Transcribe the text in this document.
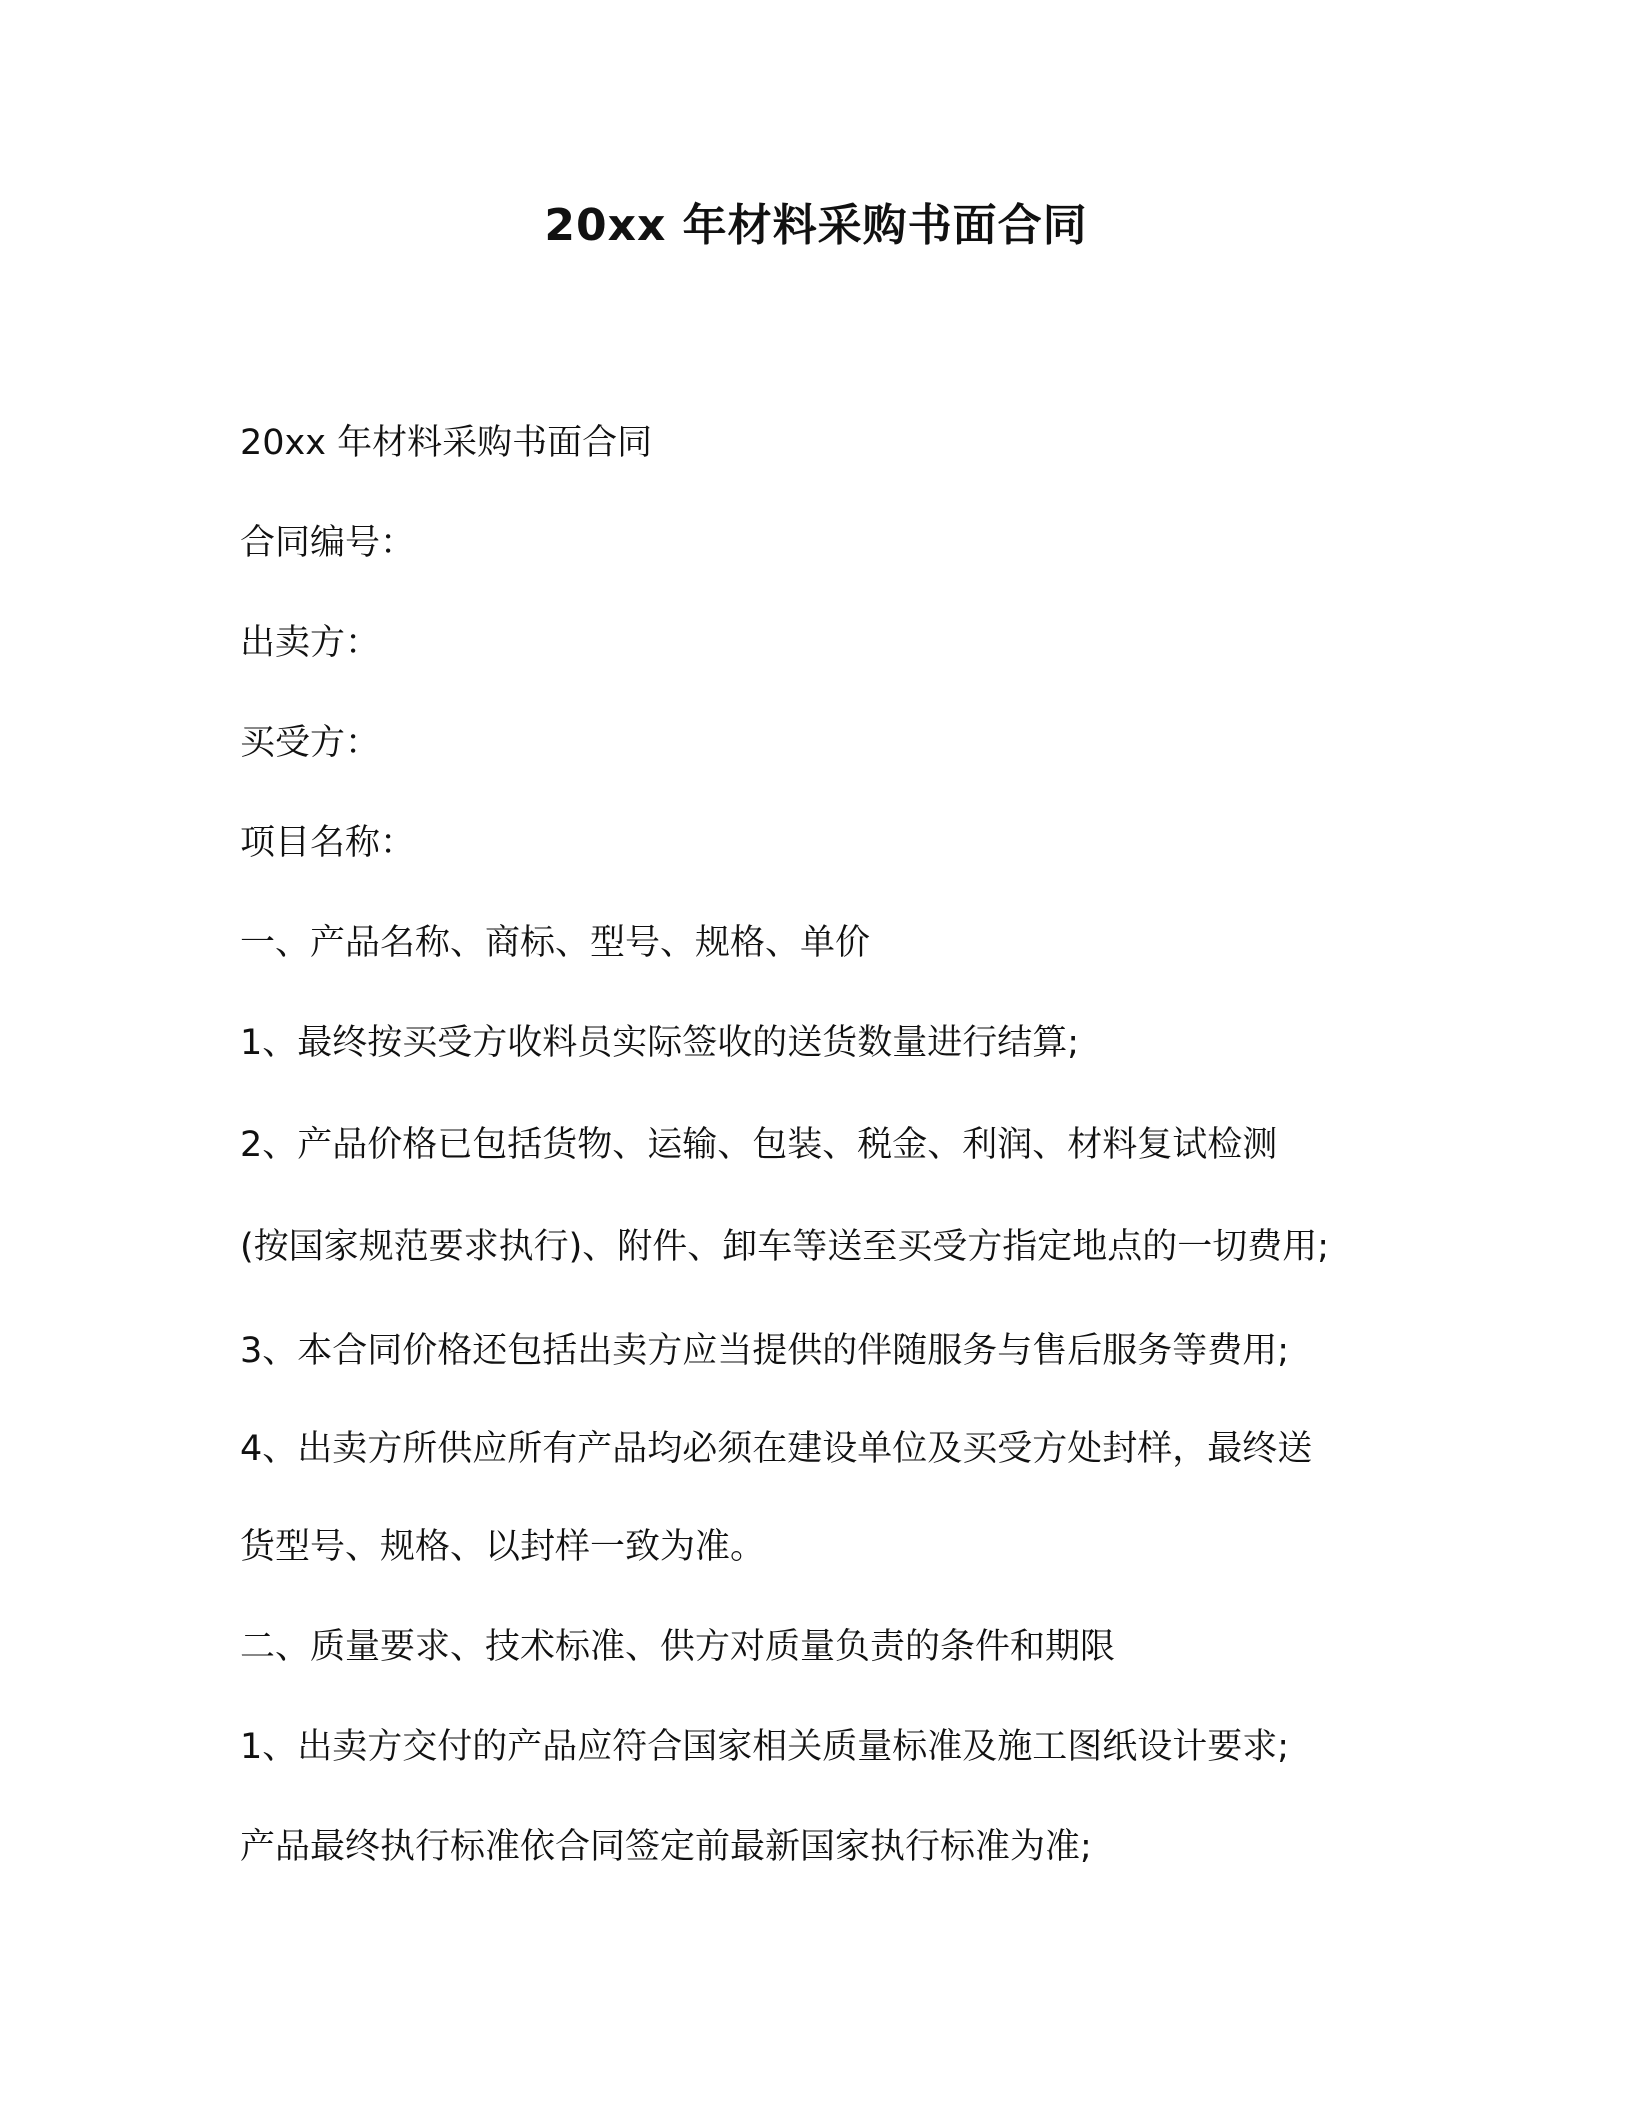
20xx 年材料采购书面合同
20xx 年材料采购书面合同
合同编号：
出卖方：
买受方：
项目名称：
一、产品名称、商标、型号、规格、单价
1、最终按买受方收料员实际签收的送货数量进行结算;
2、产品价格已包括货物、运输、包装、税金、利润、材料复试检测
(按国家规范要求执行)、附件、卸车等送至买受方指定地点的一切费用;
3、本合同价格还包括出卖方应当提供的伴随服务与售后服务等费用;
4、出卖方所供应所有产品均必须在建设单位及买受方处封样，最终送
货型号、规格、以封样一致为准。
二、质量要求、技术标准、供方对质量负责的条件和期限
1、出卖方交付的产品应符合国家相关质量标准及施工图纸设计要求;
产品最终执行标准依合同签定前最新国家执行标准为准;
